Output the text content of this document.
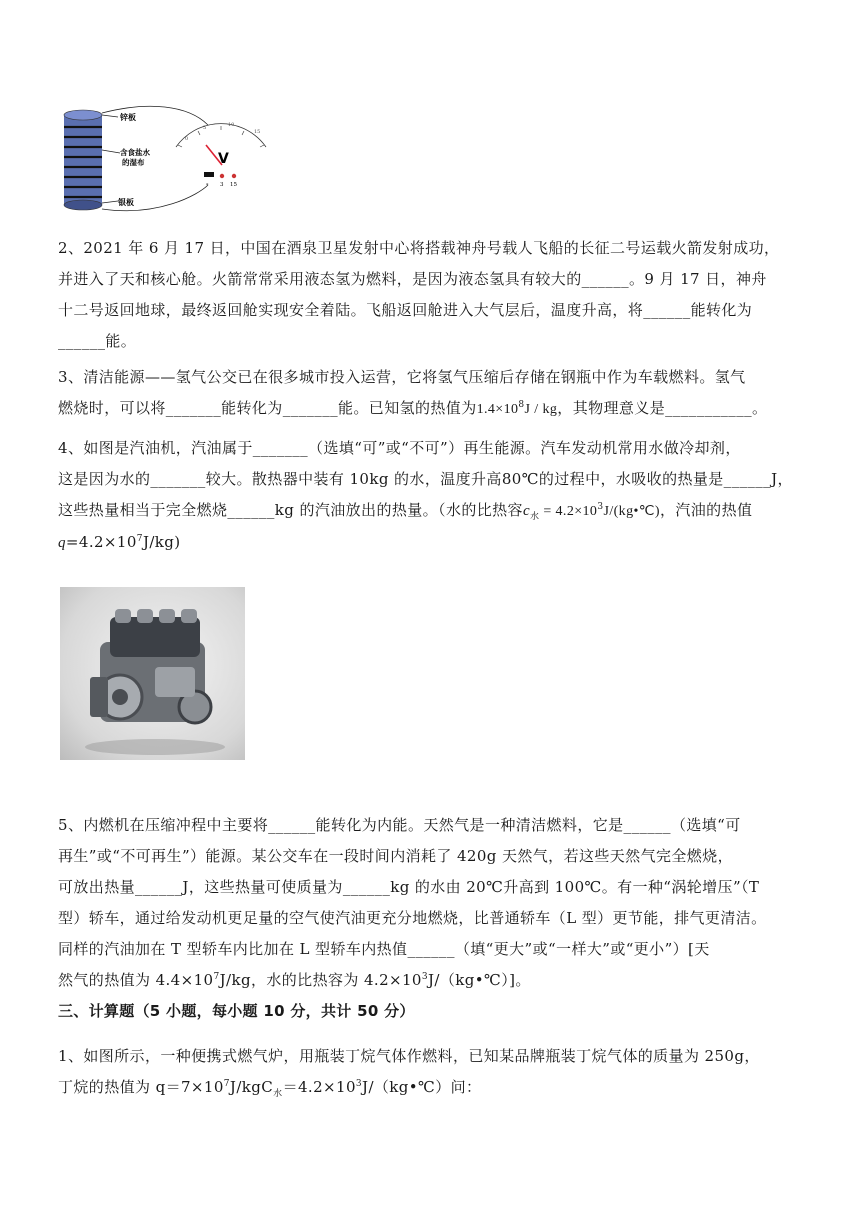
锌板
含食盐水
的湿布
银板
0
5	10
15
V
- 3 15
2、2021 年 6 月 17 日，中国在酒泉卫星发射中心将搭载神舟号载人飞船的长征二号运载火箭发射成功，
并进入了天和核心舱。火箭常常采用液态氢为燃料，是因为液态氢具有较大的______。9 月 17 日，神舟
十二号返回地球，最终返回舱实现安全着陆。飞船返回舱进入大气层后，温度升高，将______能转化为
______能。
3、清洁能源——氢气公交已在很多城市投入运营，它将氢气压缩后存储在钢瓶中作为车载燃料。氢气
燃烧时，可以将_______能转化为_______能。已知氢的热值为$1.4\times 10^8J$ / kg，其物理意义是___________。
4、如图是汽油机，汽油属于_______（选填“可”或“不可”）再生能源。汽车发动机常用水做冷却剂，
这是因为水的_______较大。散热器中装有 10kg 的水，温度升高80℃的过程中，水吸收的热量是______J，
这些热量相当于完全燃烧______kg 的汽油放出的热量。（水的比热容$c_水$ = $4.2\times 10^3J/(kg•℃)$，汽油的热值
$q=4.2\times 10^7J/kg$)
5、内燃机在压缩冲程中主要将______能转化为内能。天然气是一种清洁燃料，它是______（选填“可
再生”或“不可再生”）能源。某公交车在一段时间内消耗了 420g 天然气，若这些天然气完全燃烧，
可放出热量______J，这些热量可使质量为______kg 的水由 20℃升高到 100℃。有一种“涡轮增压”（T
型）轿车，通过给发动机更足量的空气使汽油更充分地燃烧，比普通轿车（L 型）更节能，排气更清洁。
同样的汽油加在 T 型轿车内比加在 L 型轿车内热值______（填“更大”或“一样大”或“更小”）[天
然气的热值为 $4.4\times 10^7J/kg$，水的比热容为 $4.2\times 10^3J/(kg•℃)$]。
三、计算题（5 小题，每小题 10 分，共计 50 分）
1、如图所示，一种便携式燃气炉，用瓶装丁烷气体作燃料，已知某品牌瓶装丁烷气体的质量为 250g，
丁烷的热值为 $q=7\times 10^7J/kgC_水=4.2\times 10^3J/(kg•℃)$问：
